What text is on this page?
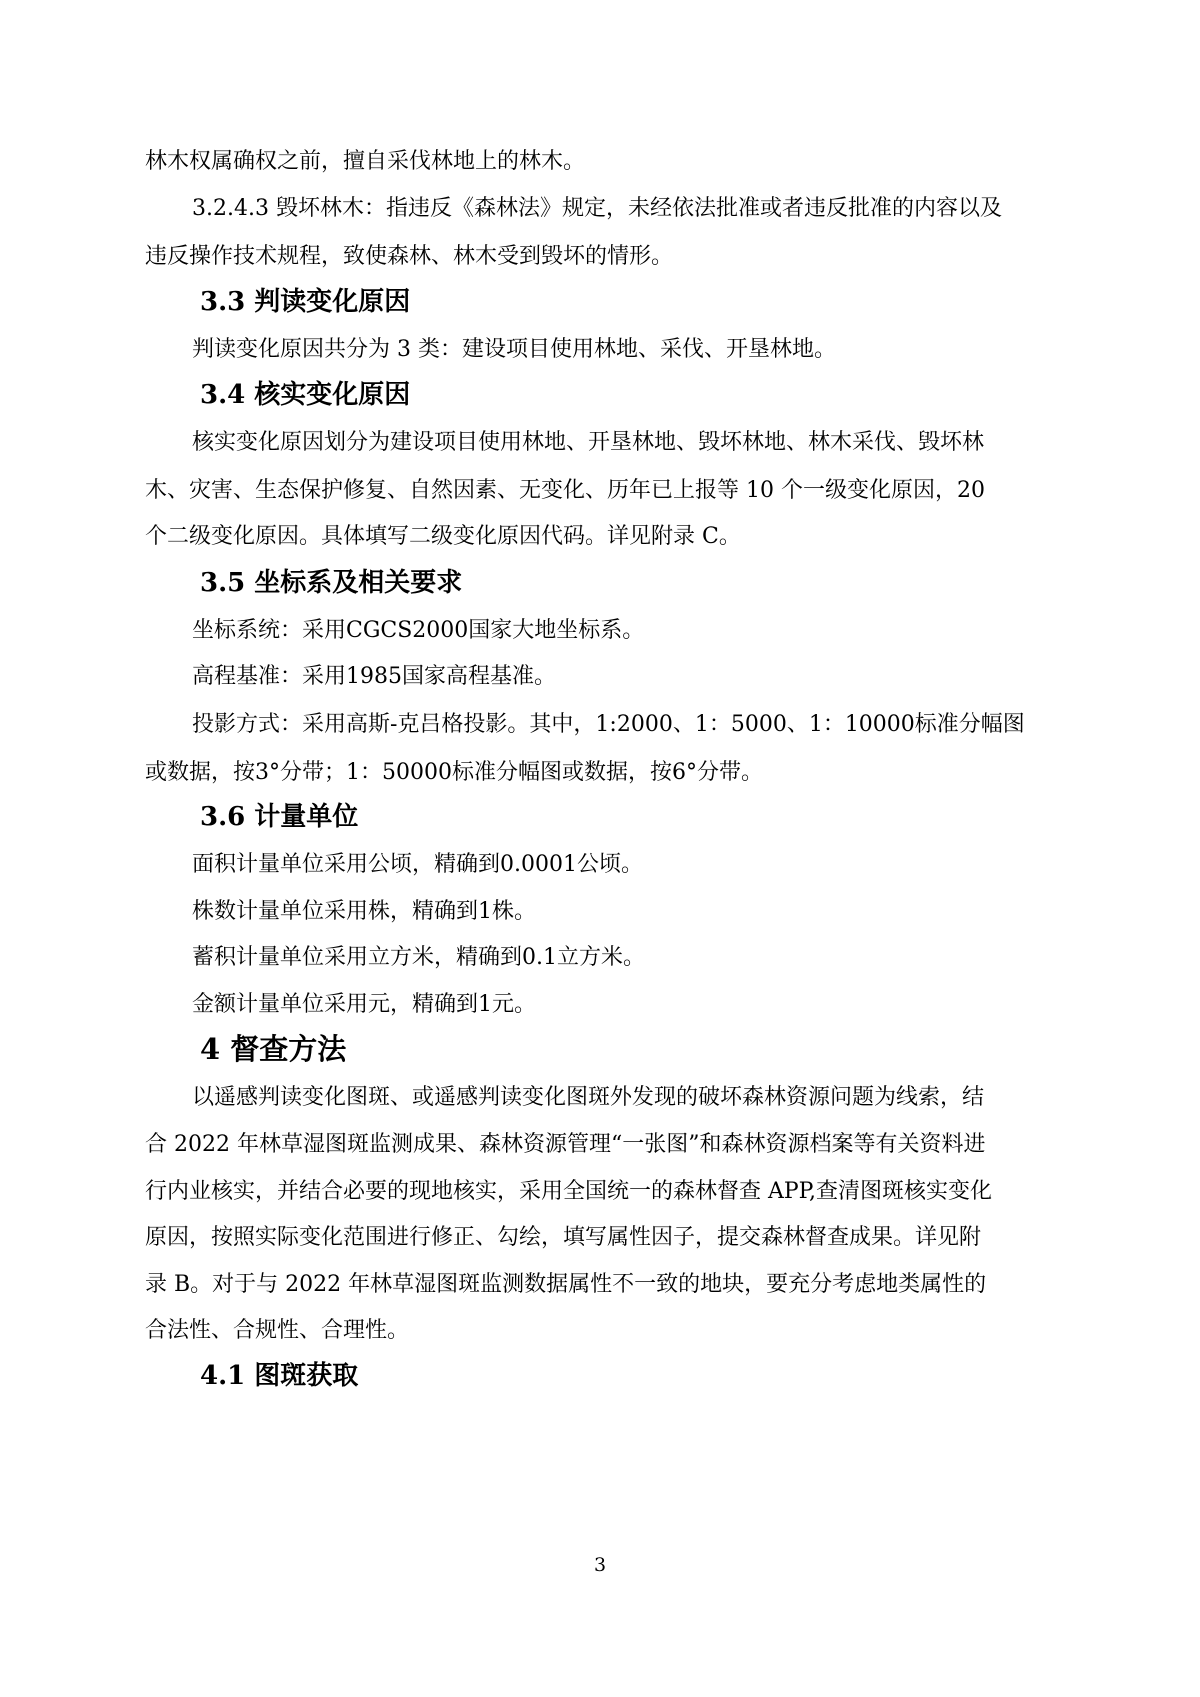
林木权属确权之前，擅自采伐林地上的林木。
3.2.4.3 毁坏林木：指违反《森林法》规定，未经依法批准或者违反批准的内容以及
违反操作技术规程，致使森林、林木受到毁坏的情形。
3.3 判读变化原因
判读变化原因共分为 3 类：建设项目使用林地、采伐、开垦林地。
3.4 核实变化原因
核实变化原因划分为建设项目使用林地、开垦林地、毁坏林地、林木采伐、毁坏林
木、灾害、生态保护修复、自然因素、无变化、历年已上报等 10 个一级变化原因，20
个二级变化原因。具体填写二级变化原因代码。详见附录 C。
3.5 坐标系及相关要求
坐标系统：采用CGCS2000国家大地坐标系。
高程基准：采用1985国家高程基准。
投影方式：采用高斯-克吕格投影。其中，1:2000、1：5000、1：10000标准分幅图
或数据，按3°分带；1：50000标准分幅图或数据，按6°分带。
3.6 计量单位
面积计量单位采用公顷，精确到0.0001公顷。
株数计量单位采用株，精确到1株。
蓄积计量单位采用立方米，精确到0.1立方米。
金额计量单位采用元，精确到1元。
4 督查方法
以遥感判读变化图斑、或遥感判读变化图斑外发现的破坏森林资源问题为线索，结
合 2022 年林草湿图斑监测成果、森林资源管理“一张图”和森林资源档案等有关资料进
行内业核实，并结合必要的现地核实，采用全国统一的森林督查 APP,查清图斑核实变化
原因，按照实际变化范围进行修正、勾绘，填写属性因子，提交森林督查成果。详见附
录 B。对于与 2022 年林草湿图斑监测数据属性不一致的地块，要充分考虑地类属性的
合法性、合规性、合理性。
4.1 图斑获取
3
